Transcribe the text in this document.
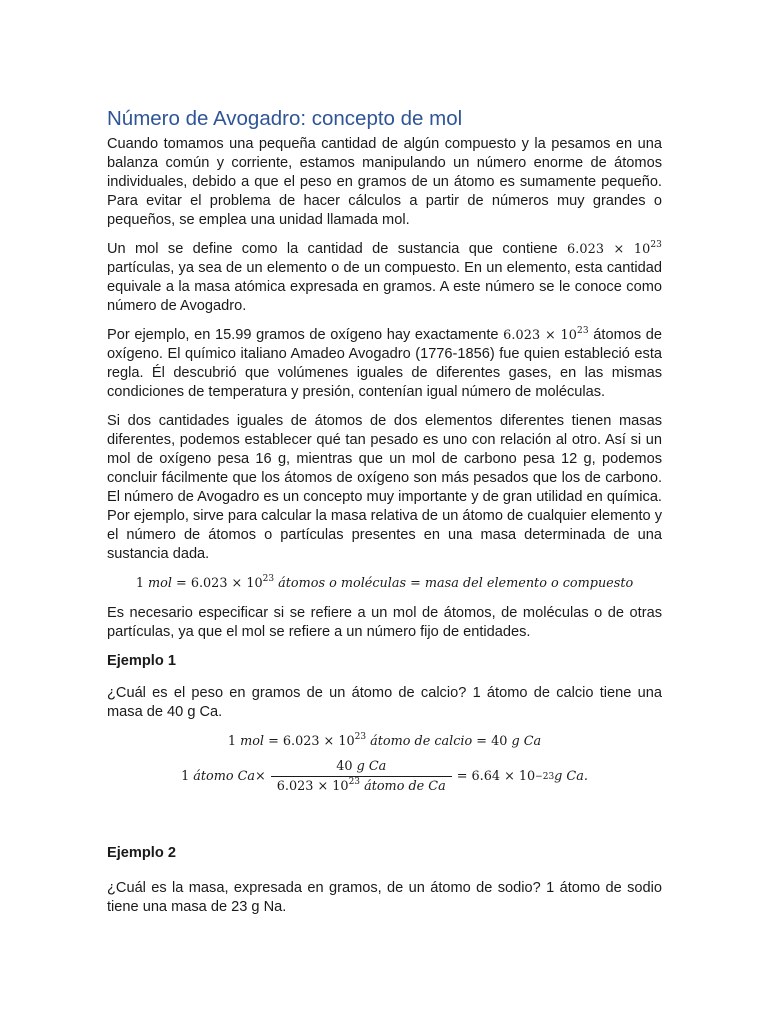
Número de Avogadro: concepto de mol

Cuando tomamos una pequeña cantidad de algún compuesto y la pesamos en una balanza común y corriente, estamos manipulando un número enorme de átomos individuales, debido a que el peso en gramos de un átomo es sumamente pequeño. Para evitar el problema de hacer cálculos a partir de números muy grandes o pequeños, se emplea una unidad llamada mol.

Un mol se define como la cantidad de sustancia que contiene $6.023 \times 10^{23}$ partículas, ya sea de un elemento o de un compuesto. En un elemento, esta cantidad equivale a la masa atómica expresada en gramos. A este número se le conoce como número de Avogadro.

Por ejemplo, en 15.99 gramos de oxígeno hay exactamente $6.023 \times 10^{23}$ átomos de oxígeno. El químico italiano Amadeo Avogadro (1776-1856) fue quien estableció esta regla. Él descubrió que volúmenes iguales de diferentes gases, en las mismas condiciones de temperatura y presión, contenían igual número de moléculas.

Si dos cantidades iguales de átomos de dos elementos diferentes tienen masas diferentes, podemos establecer qué tan pesado es uno con relación al otro. Así si un mol de oxígeno pesa 16 g, mientras que un mol de carbono pesa 12 g, podemos concluir fácilmente que los átomos de oxígeno son más pesados que los de carbono. El número de Avogadro es un concepto muy importante y de gran utilidad en química. Por ejemplo, sirve para calcular la masa relativa de un átomo de cualquier elemento y el número de átomos o partículas presentes en una masa determinada de una sustancia dada.

1 mol = $6.023 \times 10^{23}$ átomos o moléculas = masa del elemento o compuesto

Es necesario especificar si se refiere a un mol de átomos, de moléculas o de otras partículas, ya que el mol se refiere a un número fijo de entidades.

Ejemplo 1

¿Cuál es el peso en gramos de un átomo de calcio? 1 átomo de calcio tiene una masa de 40 g Ca.

1 mol = $6.023 \times 10^{23}$ átomo de calcio = 40 g Ca
1 átomo $Ca \times \frac{\text{40 g Ca}}{6.023 \times 10^{23} átomo de Ca} = 6.64 \times 10 -23$ g Ca.
Ejemplo 2

¿Cuál es la masa, expresada en gramos, de un átomo de sodio? 1 átomo de sodio tiene una masa de 23 g Na.
